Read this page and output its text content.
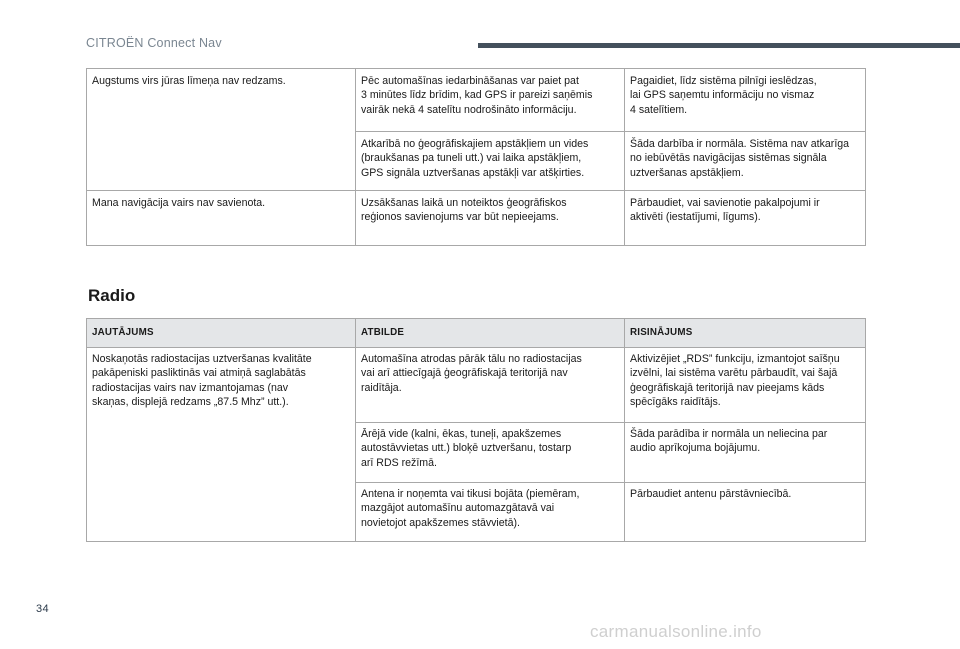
CITROËN Connect Nav
Augstums virs jūras līmeņa nav redzams.	Pēc automašīnas iedarbināšanas var paiet pat
3 minūtes līdz brīdim, kad GPS ir pareizi saņēmis
vairāk nekā 4 satelītu nodrošināto informāciju.	Pagaidiet, līdz sistēma pilnīgi ieslēdzas,
lai GPS saņemtu informāciju no vismaz
4 satelītiem.

	Atkarībā no ģeogrāfiskajiem apstākļiem un vides
(braukšanas pa tuneli utt.) vai laika apstākļiem,
GPS signāla uztveršanas apstākļi var atšķirties.	Šāda darbība ir normāla. Sistēma nav atkarīga
no iebūvētās navigācijas sistēmas signāla
uztveršanas apstākļiem.

Mana navigācija vairs nav savienota.	Uzsākšanas laikā un noteiktos ģeogrāfiskos
reģionos savienojums var būt nepieejams.	Pārbaudiet, vai savienotie pakalpojumi ir
aktivēti (iestatījumi, līgums).
Radio
JAUTĀJUMS	ATBILDE	RISINĀJUMS

Noskaņotās radiostacijas uztveršanas kvalitāte
pakāpeniski pasliktinās vai atmiņā saglabātās
radiostacijas vairs nav izmantojamas (nav
skaņas, displejā redzams „87.5 Mhz” utt.).	Automašīna atrodas pārāk tālu no radiostacijas
vai arī attiecīgajā ģeogrāfiskajā teritorijā nav
raidītāja.	Aktivizējiet „RDS” funkciju, izmantojot saīšņu
izvēlni, lai sistēma varētu pārbaudīt, vai šajā
ģeogrāfiskajā teritorijā nav pieejams kāds
spēcīgāks raidītājs.

	Ārējā vide (kalni, ēkas, tuneļi, apakšzemes
autostāvvietas utt.) bloķē uztveršanu, tostarp
arī RDS režīmā.	Šāda parādība ir normāla un neliecina par
audio aprīkojuma bojājumu.

	Antena ir noņemta vai tikusi bojāta (piemēram,
mazgājot automašīnu automazgātavā vai
novietojot apakšzemes stāvvietā).	Pārbaudiet antenu pārstāvniecībā.
34
carmanualsonline.info
